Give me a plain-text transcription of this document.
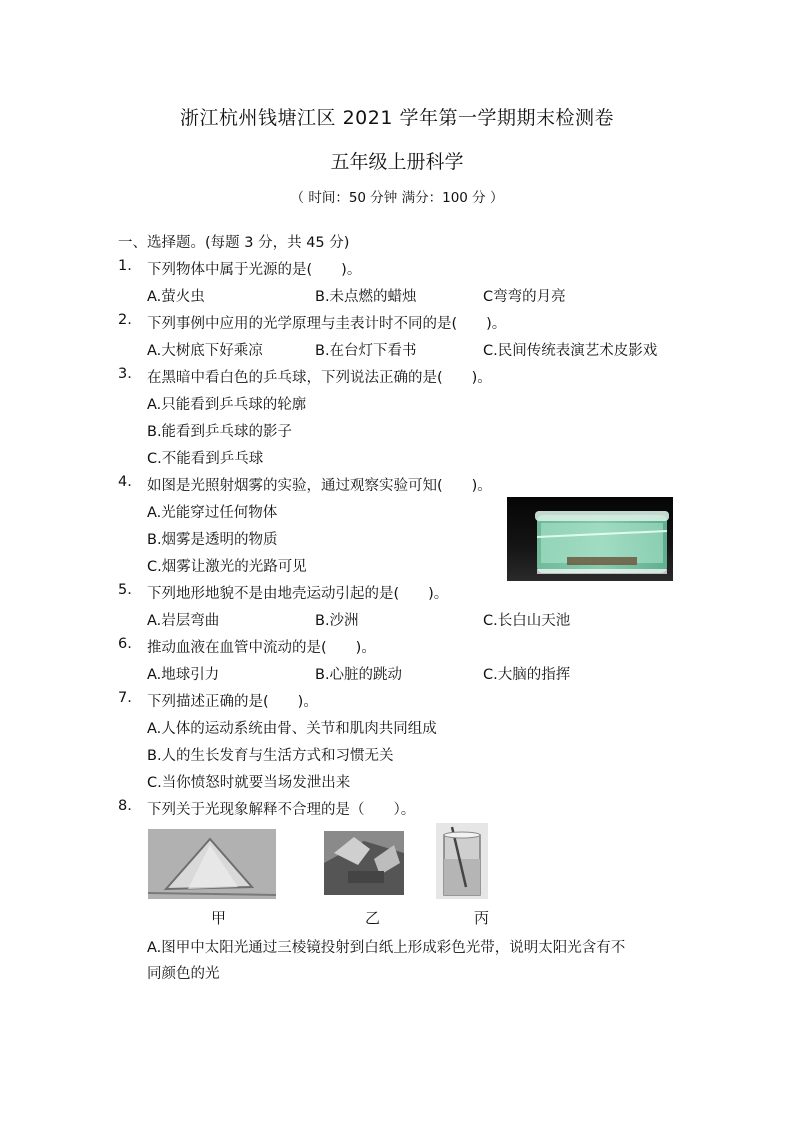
浙江杭州钱塘江区 2021 学年第一学期期末检测卷
五年级上册科学
（ 时间：50 分钟 满分：100 分 ）
一、选择题。(每题 3 分，共 45 分)
1. 下列物体中属于光源的是(　　)。
A.萤火虫	B.未点燃的蜡烛	C弯弯的月亮
2. 下列事例中应用的光学原理与圭表计时不同的是(　　)。
A.大树底下好乘凉	B.在台灯下看书	C.民间传统表演艺术皮影戏
3. 在黑暗中看白色的乒乓球，下列说法正确的是(　　)。
A.只能看到乒乓球的轮廓
B.能看到乒乓球的影子
C.不能看到乒乓球
4. 如图是光照射烟雾的实验，通过观察实验可知(　　)。
A.光能穿过任何物体
B.烟雾是透明的物质
C.烟雾让激光的光路可见
5. 下列地形地貌不是由地壳运动引起的是(　　)。
A.岩层弯曲	B.沙洲	C.长白山天池
6. 推动血液在血管中流动的是(　　)。
A.地球引力	B.心脏的跳动	C.大脑的指挥
7. 下列描述正确的是(　　)。
A.人体的运动系统由骨、关节和肌肉共同组成
B.人的生长发育与生活方式和习惯无关
C.当你愤怒时就要当场发泄出来
8. 下列关于光现象解释不合理的是（　　）。
甲	乙	丙
A.图甲中太阳光通过三棱镜投射到白纸上形成彩色光带，说明太阳光含有不
同颜色的光
